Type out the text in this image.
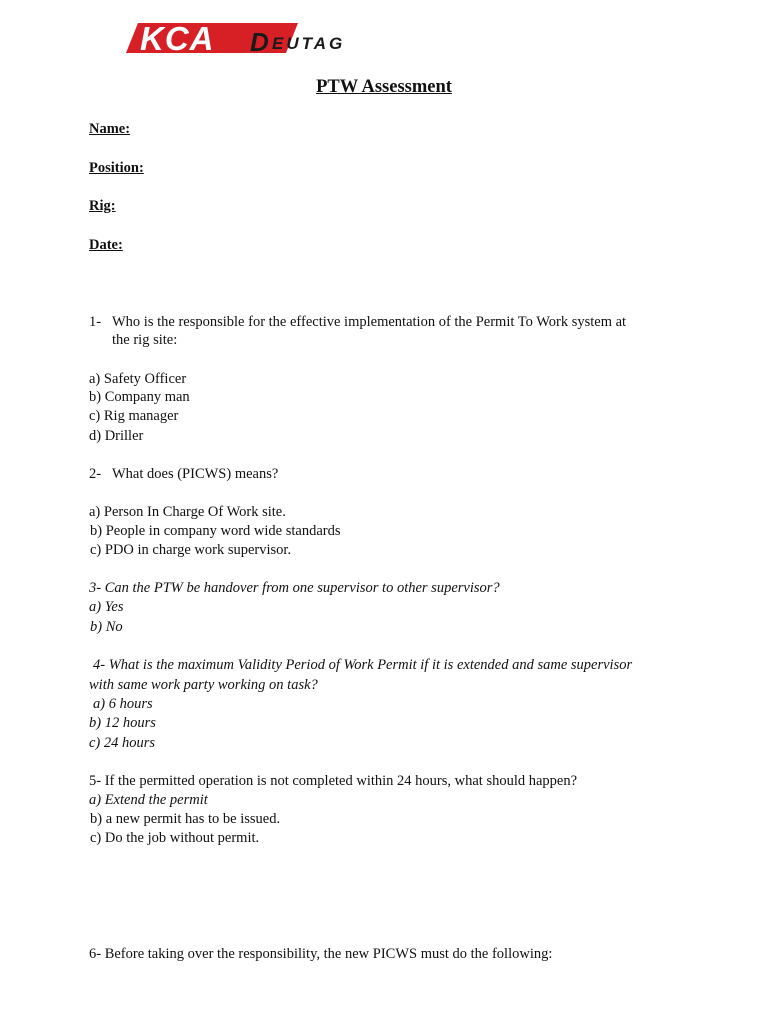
KCA D EUTAG
PTW Assessment
Name:
Position:
Rig:
Date:
1- Who is the responsible for the effective implementation of the Permit To Work system at
the rig site:
a) Safety Officer
b) Company man
c) Rig manager
d) Driller
2- What does (PICWS) means?
a) Person In Charge Of Work site.
b) People in company word wide standards
c) PDO in charge work supervisor.
3- Can the PTW be handover from one supervisor to other supervisor?
a) Yes
b) No
4- What is the maximum Validity Period of Work Permit if it is extended and same supervisor
with same work party working on task?
a) 6 hours
b) 12 hours
c) 24 hours
5- If the permitted operation is not completed within 24 hours, what should happen?
a) Extend the permit
b) a new permit has to be issued.
c) Do the job without permit.
6- Before taking over the responsibility, the new PICWS must do the following:
